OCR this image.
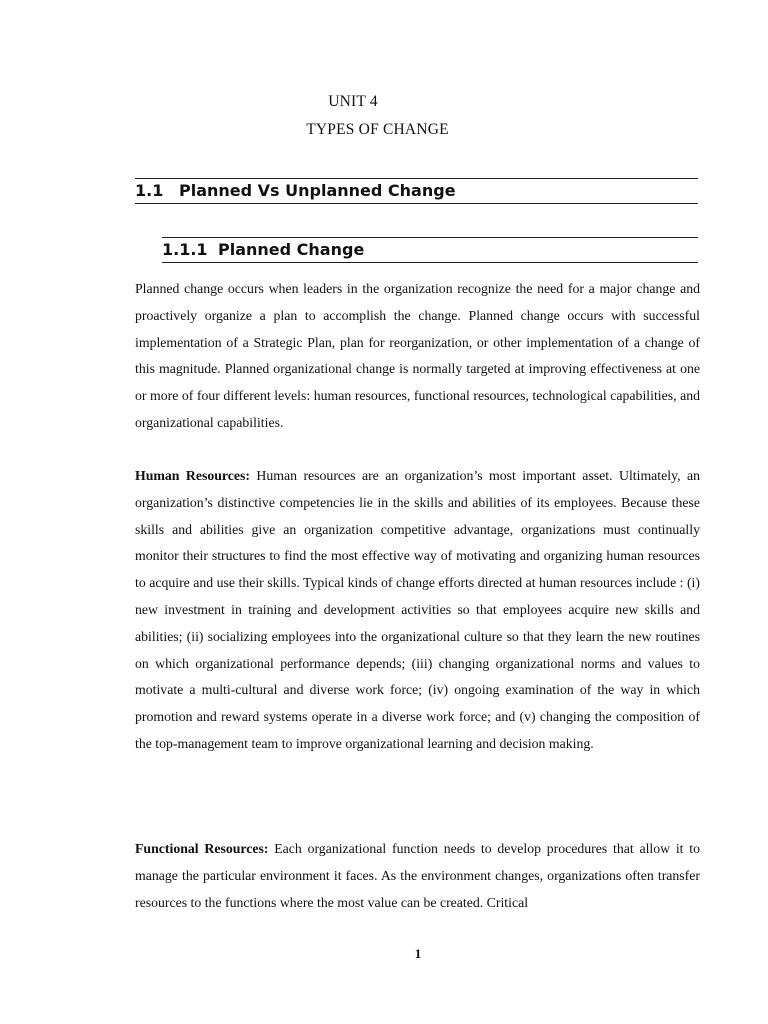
UNIT 4
TYPES OF CHANGE
1.1 Planned Vs Unplanned Change
1.1.1 Planned Change

Planned change occurs when leaders in the organization recognize the need for a major change and proactively organize a plan to accomplish the change. Planned change occurs with successful implementation of a Strategic Plan, plan for reorganization, or other implementation of a change of this magnitude. Planned organizational change is normally targeted at improving effectiveness at one or more of four different levels: human resources, functional resources, technological capabilities, and organizational capabilities.

Human Resources: Human resources are an organization’s most important asset. Ultimately, an organization’s distinctive competencies lie in the skills and abilities of its employees. Because these skills and abilities give an organization competitive advantage, organizations must continually monitor their structures to find the most effective way of motivating and organizing human resources to acquire and use their skills. Typical kinds of change efforts directed at human resources include : (i) new investment in training and development activities so that employees acquire new skills and abilities; (ii) socializing employees into the organizational culture so that they learn the new routines on which organizational performance depends; (iii) changing organizational norms and values to motivate a multi-cultural and diverse work force; (iv) ongoing examination of the way in which promotion and reward systems operate in a diverse work force; and (v) changing the composition of the top-management team to improve organizational learning and decision making.

Functional Resources: Each organizational function needs to develop procedures that allow it to manage the particular environment it faces. As the environment changes, organizations often transfer resources to the functions where the most value can be created. Critical

1
